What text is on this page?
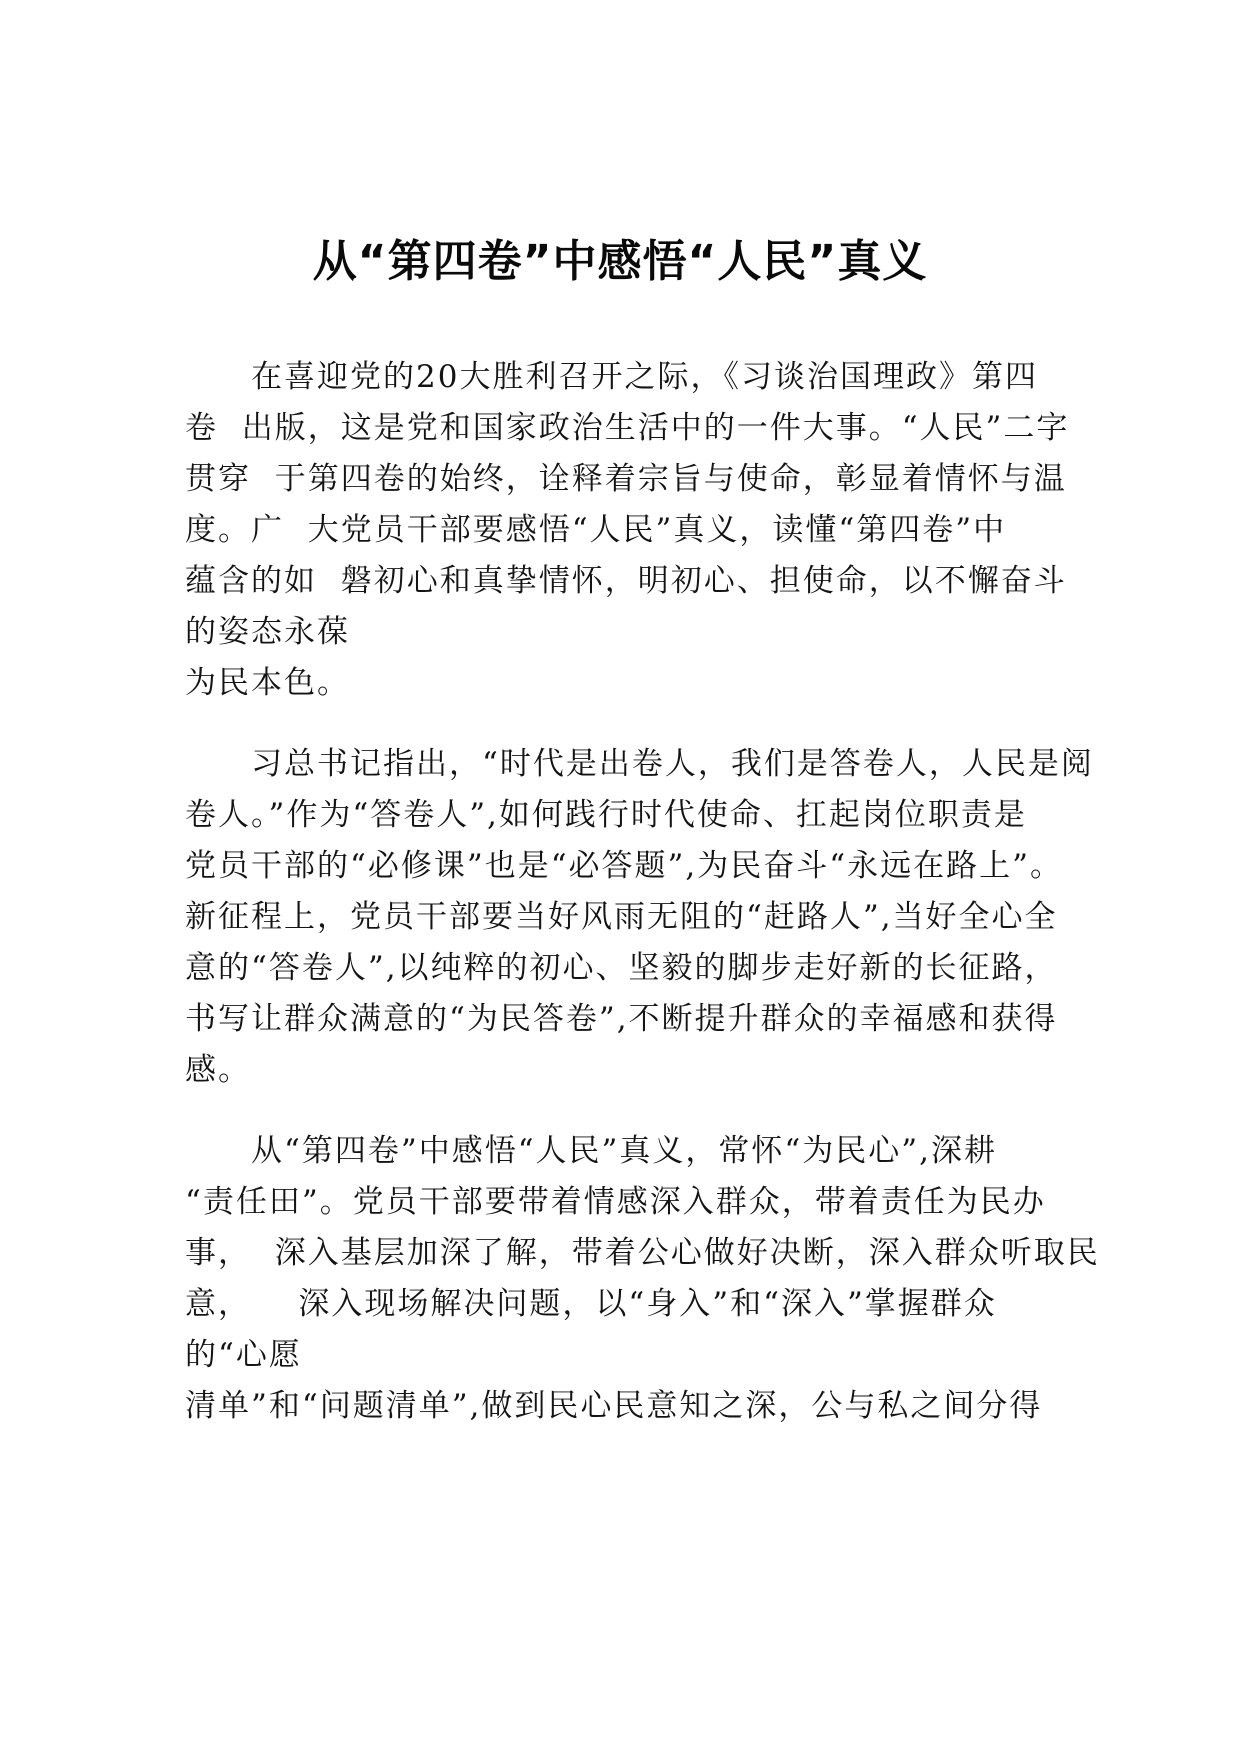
从“第四卷”中感悟“人民”真义
在喜迎党的20大胜利召开之际，《习谈治国理政》第四
卷  出版，这是党和国家政治生活中的一件大事。“人民”二字
贯穿  于第四卷的始终，诠释着宗旨与使命，彰显着情怀与温
度。广  大党员干部要感悟“人民”真义，读懂“第四卷”中
蕴含的如  磐初心和真挚情怀，明初心、担使命，以不懈奋斗
的姿态永葆
为民本色。
习总书记指出，“时代是出卷人，我们是答卷人，人民是阅
卷人。”作为“答卷人”,如何践行时代使命、扛起岗位职责是
党员干部的“必修课”也是“必答题”,为民奋斗“永远在路上”。
新征程上，党员干部要当好风雨无阻的“赶路人”,当好全心全
意的“答卷人”,以纯粹的初心、坚毅的脚步走好新的长征路，
书写让群众满意的“为民答卷”,不断提升群众的幸福感和获得
感。
从“第四卷”中感悟“人民”真义，常怀“为民心”,深耕
“责任田”。党员干部要带着情感深入群众，带着责任为民办
事，  深入基层加深了解，带着公心做好决断，深入群众听取民
意，    深入现场解决问题，以“身入”和“深入”掌握群众
的“心愿
清单”和“问题清单”,做到民心民意知之深，公与私之间分得
